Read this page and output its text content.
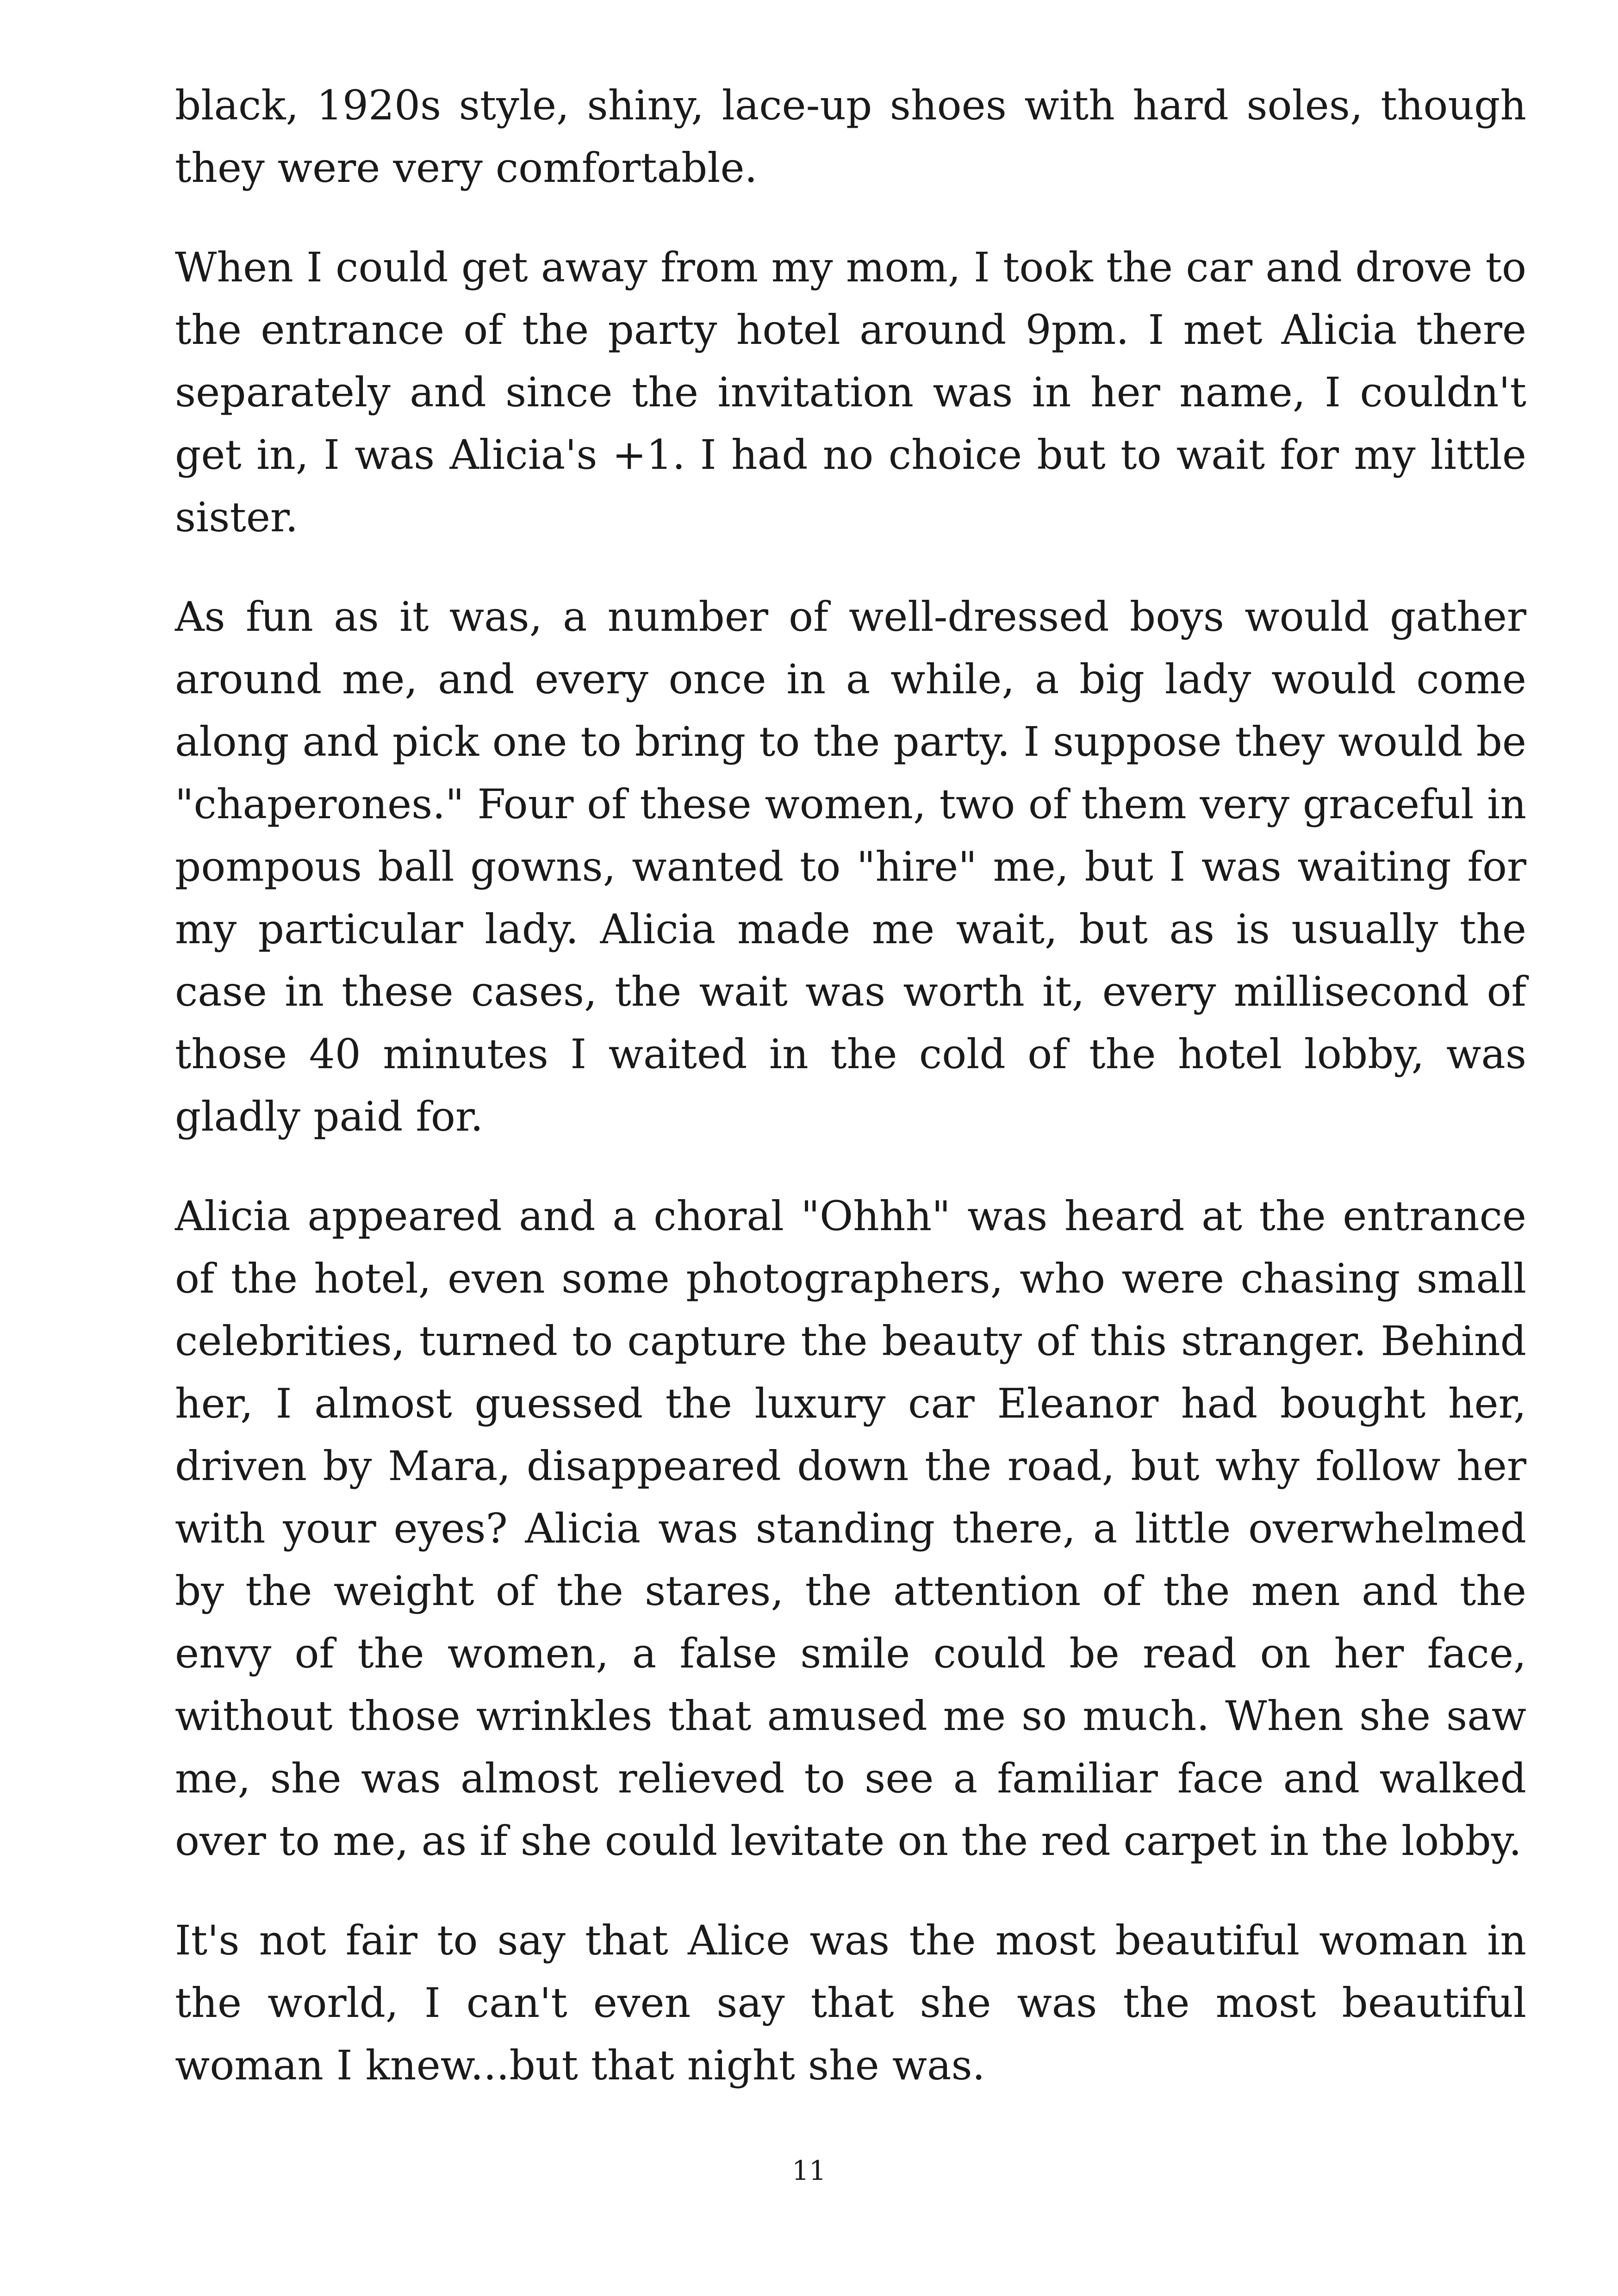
black, 1920s style, shiny, lace-up shoes with hard soles, though they were very comfortable.

When I could get away from my mom, I took the car and drove to the entrance of the party hotel around 9pm. I met Alicia there separately and since the invitation was in her name, I couldn't get in, I was Alicia's +1. I had no choice but to wait for my little sister.

As fun as it was, a number of well-dressed boys would gather around me, and every once in a while, a big lady would come along and pick one to bring to the party. I suppose they would be "chaperones." Four of these women, two of them very graceful in pompous ball gowns, wanted to "hire" me, but I was waiting for my particular lady. Alicia made me wait, but as is usually the case in these cases, the wait was worth it, every millisecond of those 40 minutes I waited in the cold of the hotel lobby, was gladly paid for.

Alicia appeared and a choral "Ohhh" was heard at the entrance of the hotel, even some photographers, who were chasing small celebrities, turned to capture the beauty of this stranger. Behind her, I almost guessed the luxury car Eleanor had bought her, driven by Mara, disappeared down the road, but why follow her with your eyes? Alicia was standing there, a little overwhelmed by the weight of the stares, the attention of the men and the envy of the women, a false smile could be read on her face, without those wrinkles that amused me so much. When she saw me, she was almost relieved to see a familiar face and walked over to me, as if she could levitate on the red carpet in the lobby.

It's not fair to say that Alice was the most beautiful woman in the world, I can't even say that she was the most beautiful woman I knew...but that night she was.

11
